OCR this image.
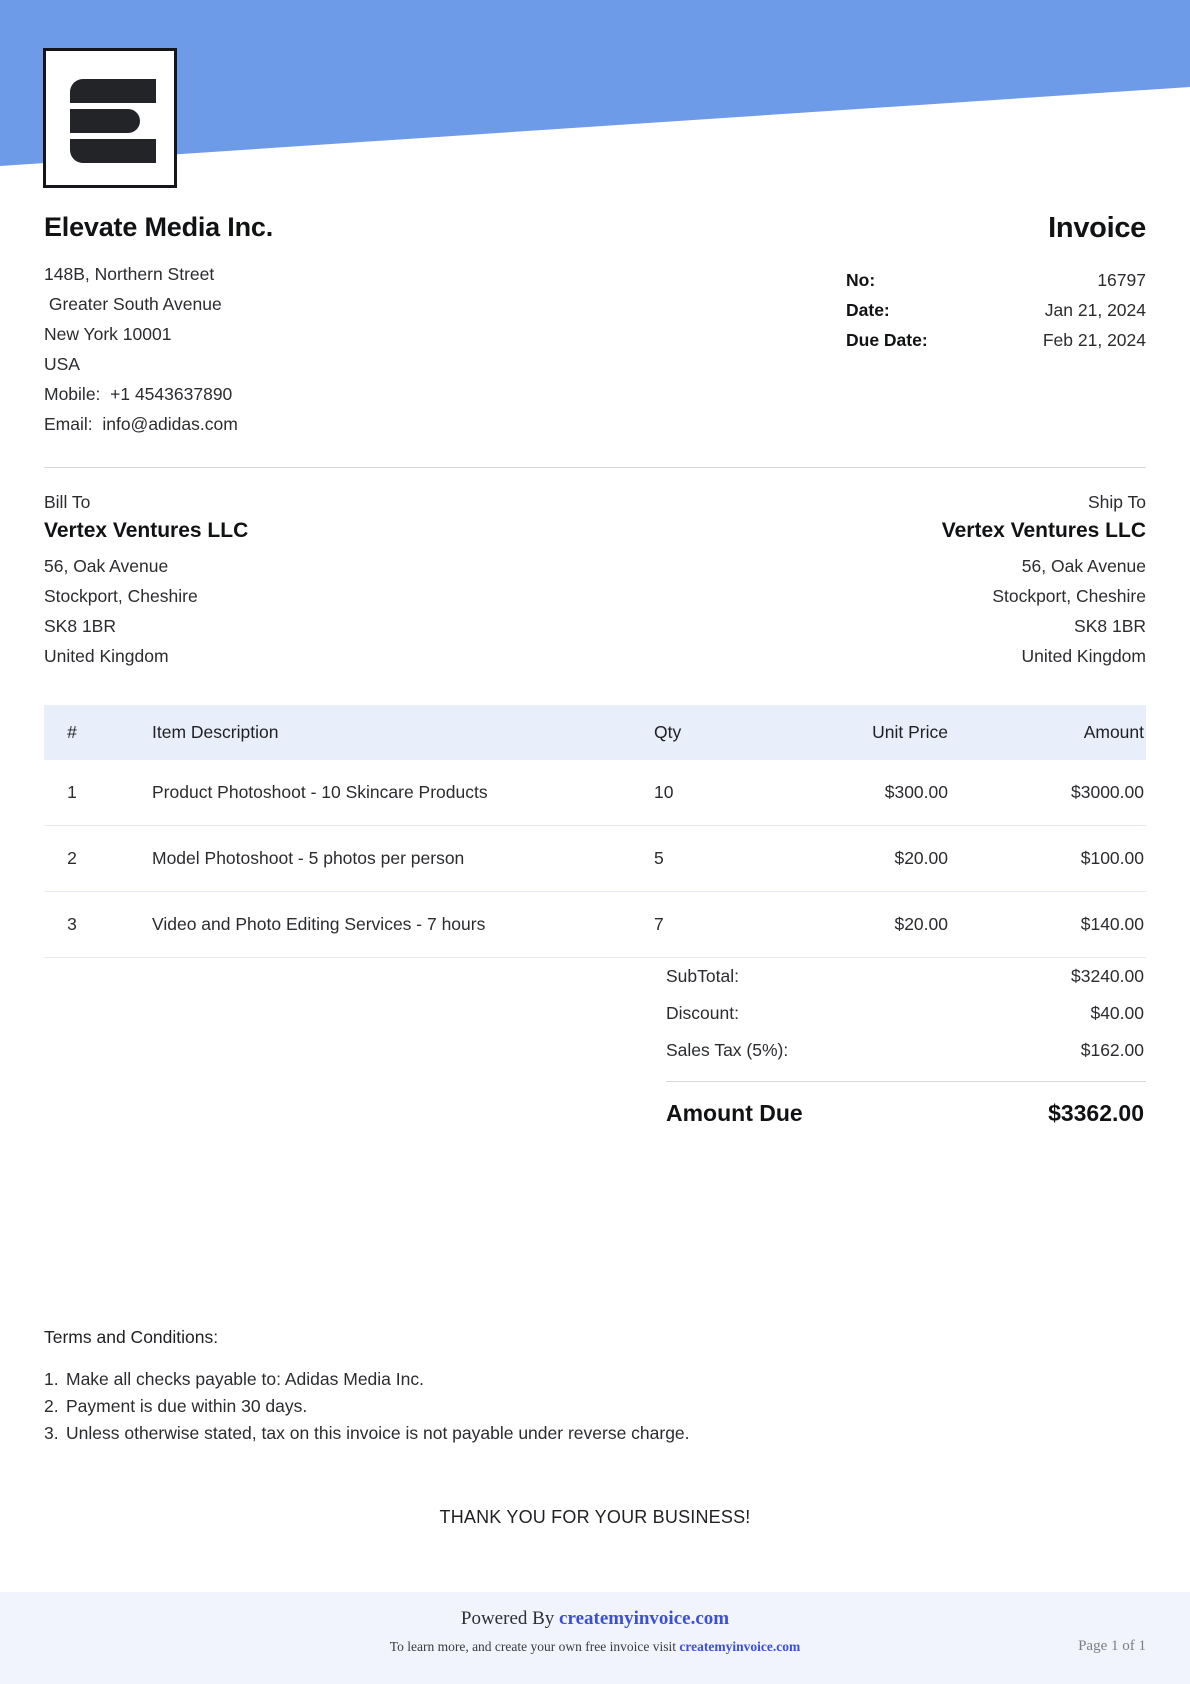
Elevate Media Inc.
148B, Northern Street
Greater South Avenue
New York 10001
USA
Mobile:  +1 4543637890
Email:  info@adidas.com
Invoice
No:	16797
Date:	Jan 21, 2024
Due Date:	Feb 21, 2024
Bill To
Vertex Ventures LLC
56, Oak Avenue
Stockport, Cheshire
SK8 1BR
United Kingdom
Ship To
Vertex Ventures LLC
56, Oak Avenue
Stockport, Cheshire
SK8 1BR
United Kingdom
#	Item Description	Qty	Unit Price	Amount
1	Product Photoshoot - 10 Skincare Products	10	$300.00	$3000.00
2	Model Photoshoot - 5 photos per person	5	$20.00	$100.00
3	Video and Photo Editing Services - 7 hours	7	$20.00	$140.00
SubTotal:	$3240.00
Discount:	$40.00
Sales Tax (5%):	$162.00
Amount Due	$3362.00
Terms and Conditions:
1. Make all checks payable to: Adidas Media Inc.
2. Payment is due within 30 days.
3. Unless otherwise stated, tax on this invoice is not payable under reverse charge.
THANK YOU FOR YOUR BUSINESS!
Powered By createmyinvoice.com
To learn more, and create your own free invoice visit createmyinvoice.com	Page 1 of 1
